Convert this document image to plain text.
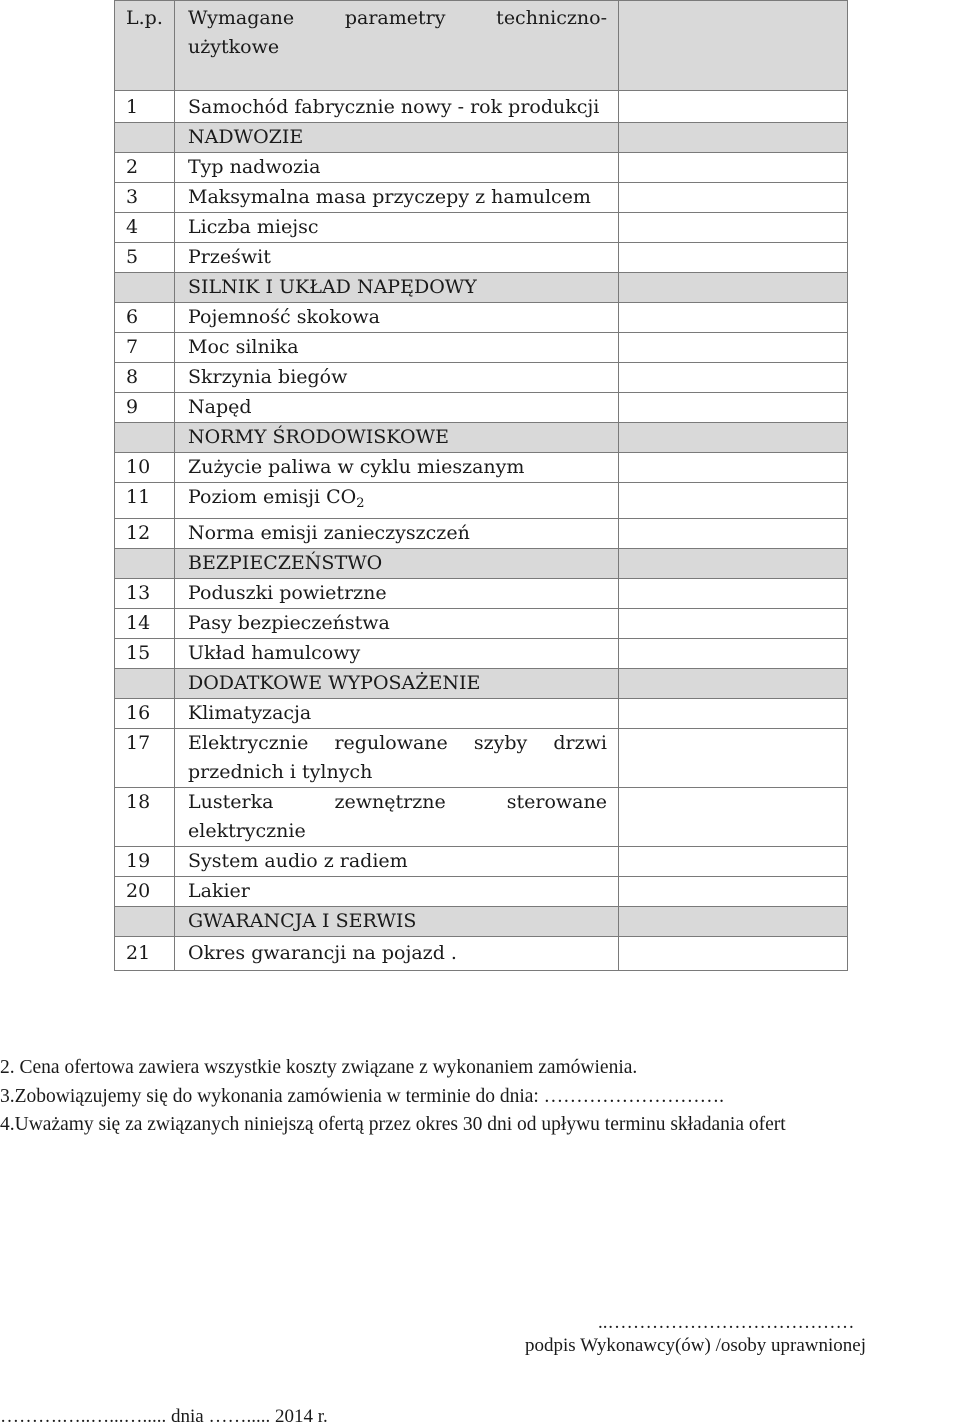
L.p.	Wymagane parametry techniczno-użytkowe	
1	Samochód fabrycznie nowy - rok produkcji	
	NADWOZIE	
2	Typ nadwozia	
3	Maksymalna masa przyczepy z hamulcem	
4	Liczba miejsc	
5	Prześwit	
	SILNIK I UKŁAD NAPĘDOWY	
6	Pojemność skokowa	
7	Moc silnika	
8	Skrzynia biegów	
9	Napęd	
	NORMY ŚRODOWISKOWE	
10	Zużycie paliwa w cyklu mieszanym	
11	Poziom emisji $CO_2$	
12	Norma emisji zanieczyszczeń	
	BEZPIECZEŃSTWO	
13	Poduszki powietrzne	
14	Pasy bezpieczeństwa	
15	Układ hamulcowy	
	DODATKOWE WYPOSAŻENIE	
16	Klimatyzacja	
17	Elektrycznie regulowane szyby drzwi przednich i tylnych	
18	Lusterka zewnętrzne sterowane elektrycznie	
19	System audio z radiem	
20	Lakier	
	GWARANCJA I SERWIS	
21	Okres gwarancji na pojazd .	

2. Cena ofertowa zawiera wszystkie koszty związane z wykonaniem zamówienia.

3.Zobowiązujemy się do wykonania zamówienia w terminie do dnia: ……………………….

4.Uważamy się za związanych niniejszą ofertą przez okres 30 dni od upływu terminu składania ofert

..…………………………………
podpis Wykonawcy(ów) /osoby uprawnionej
……….…..…...…..... dnia ……..... 2014 r.
